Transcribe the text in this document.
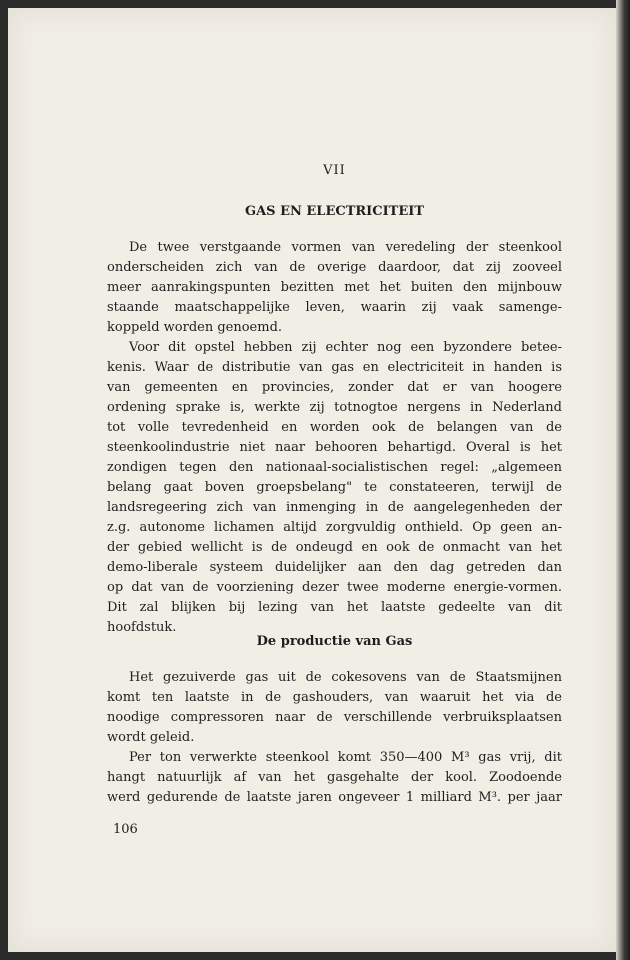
VII
GAS EN ELECTRICITEIT
De twee verstgaande vormen van veredeling der steenkool
onderscheiden zich van de overige daardoor, dat zij zooveel
meer aanrakingspunten bezitten met het buiten den mijnbouw
staande maatschappelijke leven, waarin zij vaak samenge-
koppeld worden genoemd.
Voor dit opstel hebben zij echter nog een byzondere betee-
kenis. Waar de distributie van gas en electriciteit in handen is
van gemeenten en provincies, zonder dat er van hoogere
ordening sprake is, werkte zij totnogtoe nergens in Nederland
tot volle tevredenheid en worden ook de belangen van de
steenkoolindustrie niet naar behooren behartigd. Overal is het
zondigen tegen den nationaal-socialistischen regel: „algemeen
belang gaat boven groepsbelang" te constateeren, terwijl de
landsregeering zich van inmenging in de aangelegenheden der
z.g. autonome lichamen altijd zorgvuldig onthield. Op geen an-
der gebied wellicht is de ondeugd en ook de onmacht van het
demo-liberale systeem duidelijker aan den dag getreden dan
op dat van de voorziening dezer twee moderne energie-vormen.
Dit zal blijken bij lezing van het laatste gedeelte van dit
hoofdstuk.
De productie van Gas
Het gezuiverde gas uit de cokesovens van de Staatsmijnen
komt ten laatste in de gashouders, van waaruit het via de
noodige compressoren naar de verschillende verbruiksplaatsen
wordt geleid.
Per ton verwerkte steenkool komt 350—400 M³ gas vrij, dit
hangt natuurlijk af van het gasgehalte der kool. Zoodoende
werd gedurende de laatste jaren ongeveer 1 milliard M³. per jaar
106
